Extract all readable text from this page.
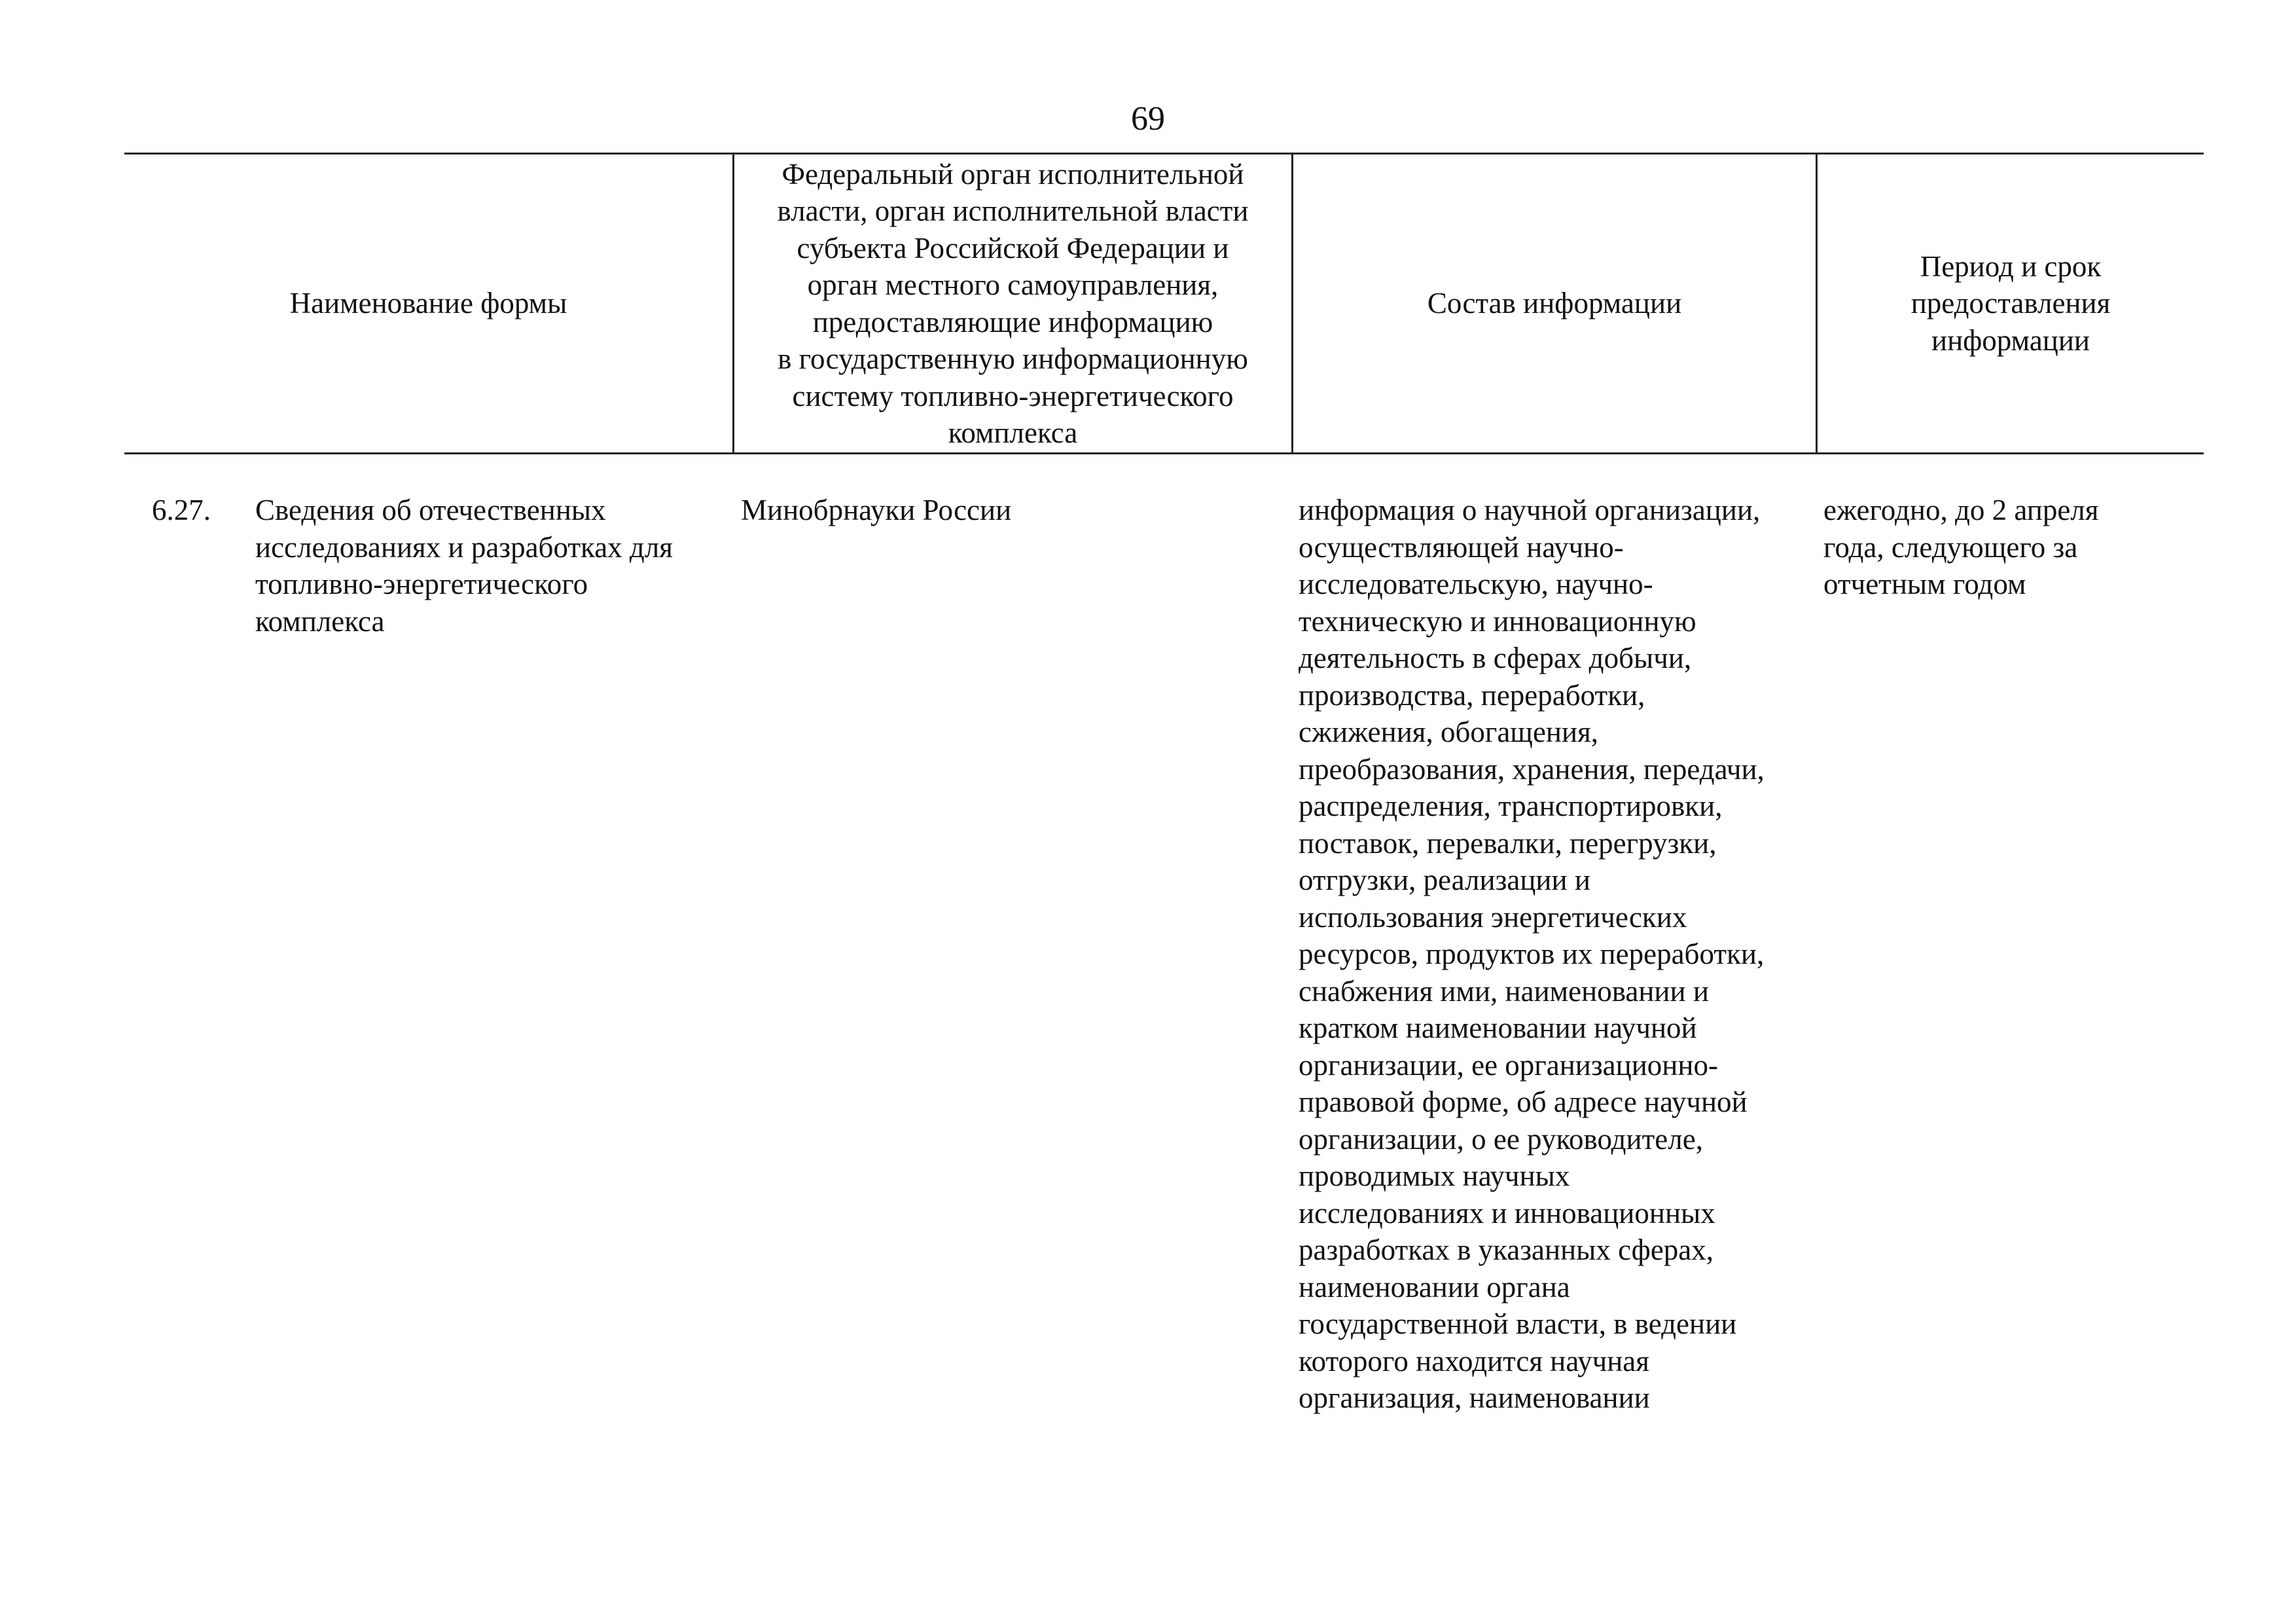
69
Наименование формы
Федеральный орган исполнительной
власти, орган исполнительной власти
субъекта Российской Федерации и
орган местного самоуправления,
предоставляющие информацию
в государственную информационную
систему топливно-энергетического
комплекса
Состав информации
Период и срок
предоставления
информации
6.27. Сведения об отечественных
исследованиях и разработках для
топливно-энергетического
комплекса
Минобрнауки России	информация о научной организации,
осуществляющей научно-
исследовательскую, научно-
техническую и инновационную
деятельность в сферах добычи,
производства, переработки,
сжижения, обогащения,
преобразования, хранения, передачи,
распределения, транспортировки,
поставок, перевалки, перегрузки,
отгрузки, реализации и
использования энергетических
ресурсов, продуктов их переработки,
снабжения ими, наименовании и
кратком наименовании научной
организации, ее организационно-
правовой форме, об адресе научной
организации, о ее руководителе,
проводимых научных
исследованиях и инновационных
разработках в указанных сферах,
наименовании органа
государственной власти, в ведении
которого находится научная
организация, наименовании
ежегодно, до 2 апреля
года, следующего за
отчетным годом
